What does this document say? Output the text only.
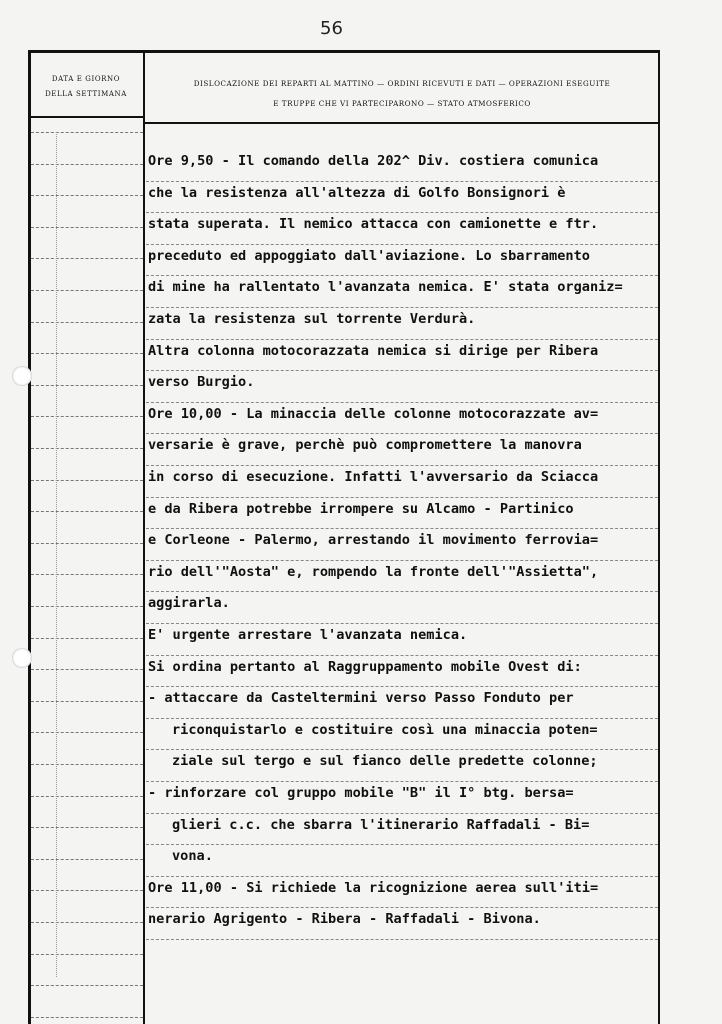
56
DATA E GIORNO
DELLA SETTIMANA
DISLOCAZIONE DEI REPARTI AL MATTINO — ORDINI RICEVUTI E DATI — OPERAZIONI ESEGUITE
E TRUPPE CHE VI PARTECIPARONO — STATO ATMOSFERICO
Ore 9,50 - Il comando della 202^ Div. costiera comunica
che la resistenza all'altezza di Golfo Bonsignori è
stata superata. Il nemico attacca con camionette e ftr.
preceduto ed appoggiato dall'aviazione. Lo sbarramento
di mine ha rallentato l'avanzata nemica. E' stata organiz=
zata la resistenza sul torrente Verdurà.
Altra colonna motocorazzata nemica si dirige per Ribera
verso Burgio.
Ore 10,00 - La minaccia delle colonne motocorazzate av=
versarie è grave, perchè può compromettere la manovra
in corso di esecuzione. Infatti l'avversario da Sciacca
e da Ribera potrebbe irrompere su Alcamo - Partinico
e Corleone - Palermo, arrestando il movimento ferrovia=
rio dell'"Aosta" e, rompendo la fronte dell'"Assietta",
aggirarla.
E' urgente arrestare l'avanzata nemica.
Si ordina pertanto al Raggruppamento mobile Ovest di:
- attaccare da Casteltermini verso Passo Fonduto per
riconquistarlo e costituire così una minaccia poten=
ziale sul tergo e sul fianco delle predette colonne;
- rinforzare col gruppo mobile "B" il I° btg. bersa=
glieri c.c. che sbarra l'itinerario Raffadali - Bi=
vona.
Ore 11,00 - Si richiede la ricognizione aerea sull'iti=
nerario Agrigento - Ribera - Raffadali - Bivona.
